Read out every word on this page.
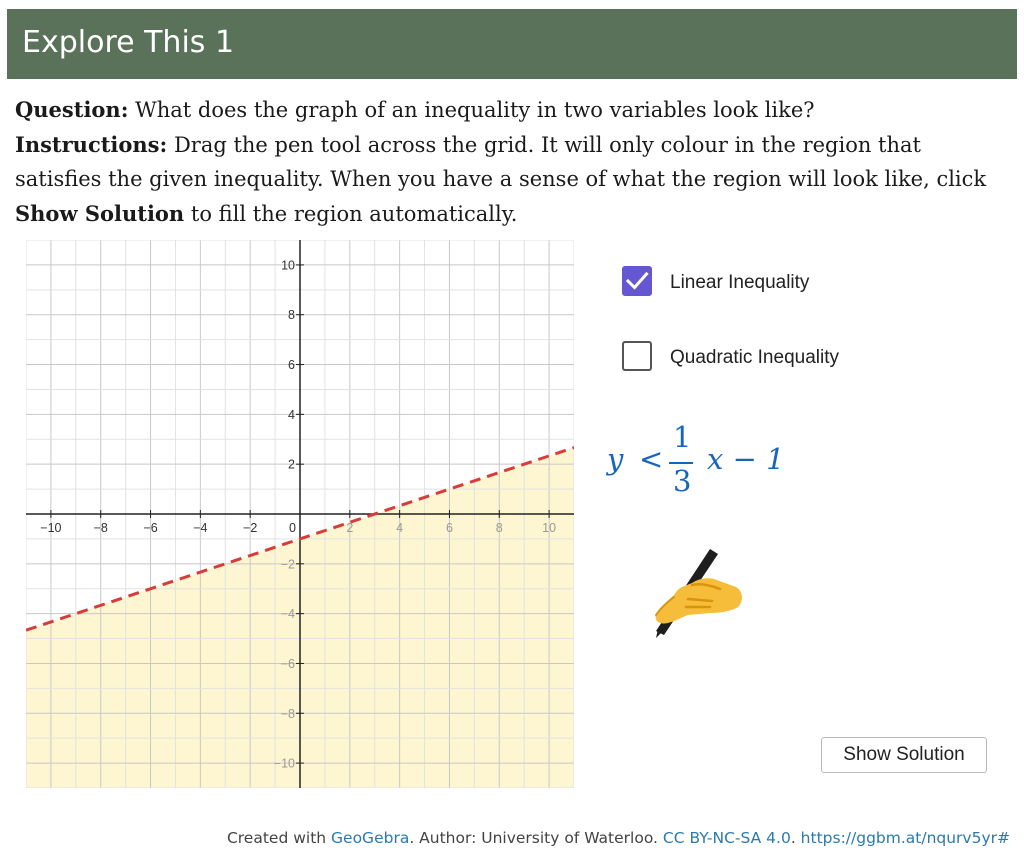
Explore This 1
Question: What does the graph of an inequality in two variables look like?
Instructions: Drag the pen tool across the grid. It will only colour in the region that satisfies the given inequality. When you have a sense of what the region will look like, click Show Solution to fill the region automatically.
−10	−8	−6	−4	−2	0	2	4	6	8	10
10
8
6
4
2
−2
−4
−6
−8
−10
Linear Inequality
Quadratic Inequality
y <
1
3
x − 1
Show Solution
Created with GeoGebra. Author: University of Waterloo. CC BY-NC-SA 4.0. https://ggbm.at/nqurv5yr#
